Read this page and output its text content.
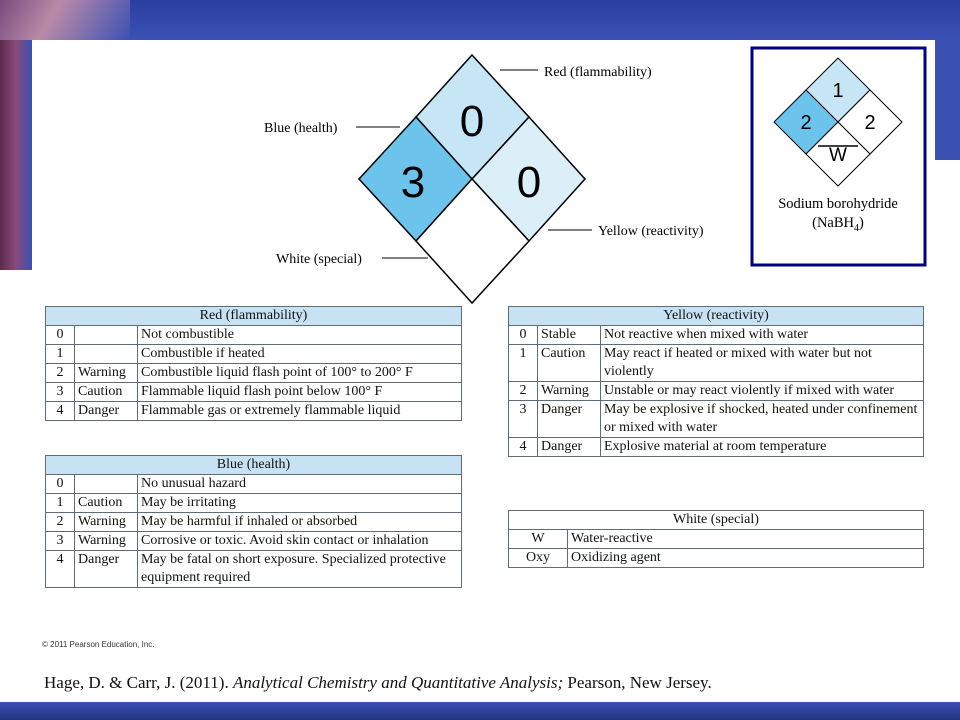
0
3 0
Red (flammability)
Blue (health)
Yellow (reactivity)
White (special)
1
2	2
W
Sodium borohydride
(NaBH$_4$)
Red (flammability)		
0		Not combustible
1		Combustible if heated
2	Warning	Combustible liquid flash point of 100° to 200° F
3	Caution	Flammable liquid flash point below 100° F
4	Danger	Flammable gas or extremely flammable liquid
Blue (health)		
0		No unusual hazard
1	Caution	May be irritating
2	Warning	May be harmful if inhaled or absorbed
3	Warning	Corrosive or toxic. Avoid skin contact or inhalation
4	Danger	May be fatal on short exposure. Specialized protective equipment required
Yellow (reactivity)		
0	Stable	Not reactive when mixed with water
1	Caution	May react if heated or mixed with water but not violently
2	Warning	Unstable or may react violently if mixed with water
3	Danger	May be explosive if shocked, heated under confinement or mixed with water
4	Danger	Explosive material at room temperature
White (special)	
W	Water-reactive
Oxy	Oxidizing agent
© 2011 Pearson Education, Inc.
Hage, D. & Carr, J. (2011). Analytical Chemistry and Quantitative Analysis; Pearson, New Jersey.
